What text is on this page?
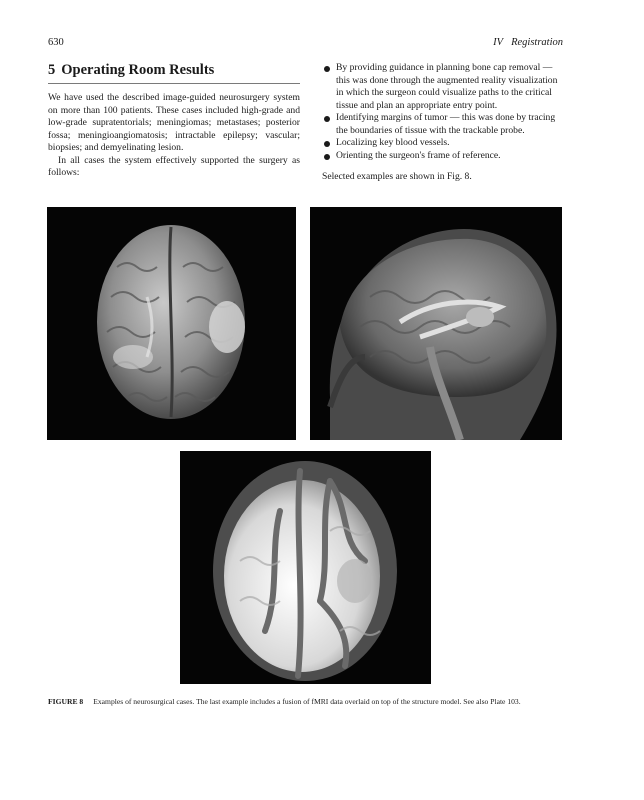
630	IV Registration
5 Operating Room Results

We have used the described image-guided neurosurgery system on more than 100 patients. These cases included high-grade and low-grade supratentorials; meningiomas; metastases; posterior fossa; meningioangiomatosis; intractable epilepsy; vascular; biopsies; and demyelinating lesion.

In all cases the system effectively supported the surgery as follows:

By providing guidance in planning bone cap removal — this was done through the augmented reality visualization in which the surgeon could visualize paths to the critical tissue and plan an appropriate entry point.
Identifying margins of tumor — this was done by tracing the boundaries of tissue with the trackable probe.
Localizing key blood vessels.
Orienting the surgeon's frame of reference.
Selected examples are shown in Fig. 8.
FIGURE 8 Examples of neurosurgical cases. The last example includes a fusion of fMRI data overlaid on top of the structure model. See also Plate 103.
